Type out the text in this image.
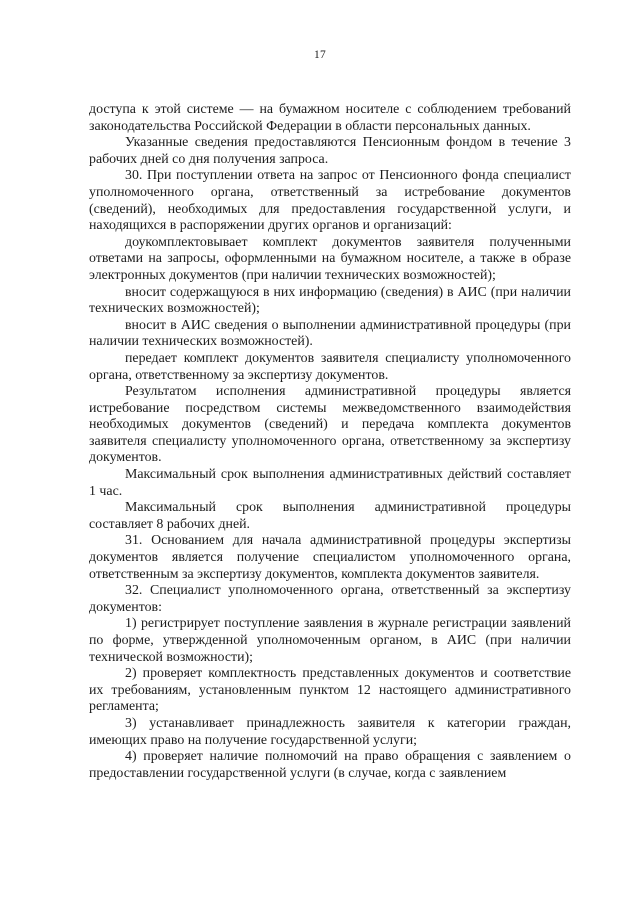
17

доступа к этой системе — на бумажном носителе с соблюдением требований законодательства Российской Федерации в области персональных данных.

Указанные сведения предоставляются Пенсионным фондом в течение 3 рабочих дней со дня получения запроса.

30. При поступлении ответа на запрос от Пенсионного фонда специалист уполномоченного органа, ответственный за истребование документов (сведений), необходимых для предоставления государственной услуги, и находящихся в распоряжении других органов и организаций:

доукомплектовывает комплект документов заявителя полученными ответами на запросы, оформленными на бумажном носителе, а также в образе электронных документов (при наличии технических возможностей);

вносит содержащуюся в них информацию (сведения) в АИС (при наличии технических возможностей);

вносит в АИС сведения о выполнении административной процедуры (при наличии технических возможностей).

передает комплект документов заявителя специалисту уполномоченного органа, ответственному за экспертизу документов.

Результатом исполнения административной процедуры является истребование посредством системы межведомственного взаимодействия необходимых документов (сведений) и передача комплекта документов заявителя специалисту уполномоченного органа, ответственному за экспертизу документов.

Максимальный срок выполнения административных действий составляет 1 час.

Максимальный срок выполнения административной процедуры составляет 8 рабочих дней.

31. Основанием для начала административной процедуры экспертизы документов является получение специалистом уполномоченного органа, ответственным за экспертизу документов, комплекта документов заявителя.

32. Специалист уполномоченного органа, ответственный за экспертизу документов:

1) регистрирует поступление заявления в журнале регистрации заявлений по форме, утвержденной уполномоченным органом, в АИС (при наличии технической возможности);

2) проверяет комплектность представленных документов и соответствие их требованиям, установленным пунктом 12 настоящего административного регламента;

3) устанавливает принадлежность заявителя к категории граждан, имеющих право на получение государственной услуги;

4) проверяет наличие полномочий на право обращения с заявлением о предоставлении государственной услуги (в случае, когда с заявлением
